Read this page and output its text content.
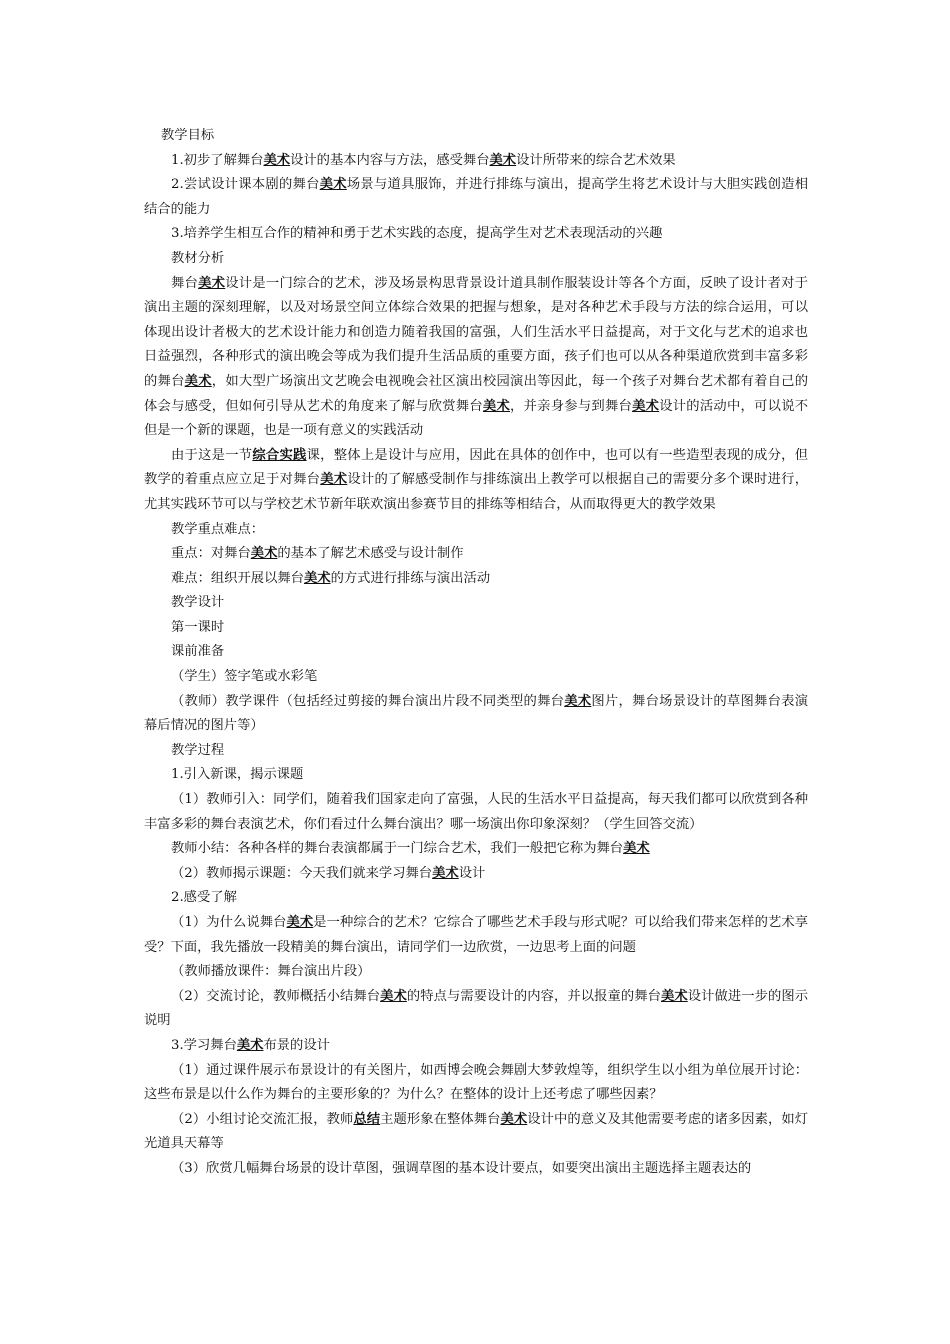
教学目标

1.初步了解舞台美术设计的基本内容与方法，感受舞台美术设计所带来的综合艺术效果

2.尝试设计课本剧的舞台美术场景与道具服饰，并进行排练与演出，提高学生将艺术设计与大胆实践创造相结合的能力

3.培养学生相互合作的精神和勇于艺术实践的态度，提高学生对艺术表现活动的兴趣

教材分析

舞台美术设计是一门综合的艺术，涉及场景构思背景设计道具制作服装设计等各个方面，反映了设计者对于演出主题的深刻理解，以及对场景空间立体综合效果的把握与想象，是对各种艺术手段与方法的综合运用，可以体现出设计者极大的艺术设计能力和创造力随着我国的富强，人们生活水平日益提高，对于文化与艺术的追求也日益强烈，各种形式的演出晚会等成为我们提升生活品质的重要方面，孩子们也可以从各种渠道欣赏到丰富多彩的舞台美术，如大型广场演出文艺晚会电视晚会社区演出校园演出等因此，每一个孩子对舞台艺术都有着自己的体会与感受，但如何引导从艺术的角度来了解与欣赏舞台美术，并亲身参与到舞台美术设计的活动中，可以说不但是一个新的课题，也是一项有意义的实践活动

由于这是一节综合实践课，整体上是设计与应用，因此在具体的创作中，也可以有一些造型表现的成分，但教学的着重点应立足于对舞台美术设计的了解感受制作与排练演出上教学可以根据自己的需要分多个课时进行，尤其实践环节可以与学校艺术节新年联欢演出参赛节目的排练等相结合，从而取得更大的教学效果

教学重点难点：

重点：对舞台美术的基本了解艺术感受与设计制作

难点：组织开展以舞台美术的方式进行排练与演出活动

教学设计

第一课时

课前准备

（学生）签字笔或水彩笔

（教师）教学课件（包括经过剪接的舞台演出片段不同类型的舞台美术图片，舞台场景设计的草图舞台表演幕后情况的图片等）

教学过程

1.引入新课，揭示课题

（1）教师引入：同学们，随着我们国家走向了富强，人民的生活水平日益提高，每天我们都可以欣赏到各种丰富多彩的舞台表演艺术，你们看过什么舞台演出？哪一场演出你印象深刻？（学生回答交流）

教师小结：各种各样的舞台表演都属于一门综合艺术，我们一般把它称为舞台美术

（2）教师揭示课题：今天我们就来学习舞台美术设计

2.感受了解

（1）为什么说舞台美术是一种综合的艺术？它综合了哪些艺术手段与形式呢？可以给我们带来怎样的艺术享受？下面，我先播放一段精美的舞台演出，请同学们一边欣赏，一边思考上面的问题

（教师播放课件：舞台演出片段）

（2）交流讨论，教师概括小结舞台美术的特点与需要设计的内容，并以报童的舞台美术设计做进一步的图示说明

3.学习舞台美术布景的设计

（1）通过课件展示布景设计的有关图片，如西博会晚会舞剧大梦敦煌等，组织学生以小组为单位展开讨论：这些布景是以什么作为舞台的主要形象的？为什么？在整体的设计上还考虑了哪些因素？

（2）小组讨论交流汇报，教师总结主题形象在整体舞台美术设计中的意义及其他需要考虑的诸多因素，如灯光道具天幕等

（3）欣赏几幅舞台场景的设计草图，强调草图的基本设计要点，如要突出演出主题选择主题表达的
